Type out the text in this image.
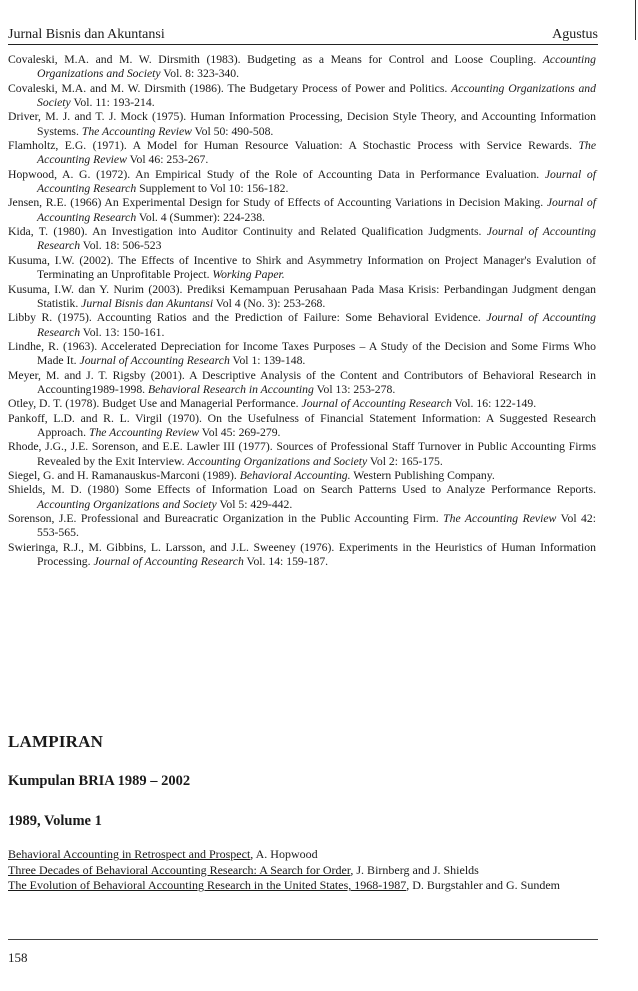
Jurnal Bisnis dan Akuntansi	Agustus

Covaleski, M.A. and M. W. Dirsmith (1983). Budgeting as a Means for Control and Loose Coupling. Accounting Organizations and Society Vol. 8: 323-340.

Covaleski, M.A. and M. W. Dirsmith (1986). The Budgetary Process of Power and Politics. Accounting Organizations and Society Vol. 11: 193-214.

Driver, M. J. and T. J. Mock (1975). Human Information Processing, Decision Style Theory, and Accounting Information Systems. The Accounting Review Vol 50: 490-508.

Flamholtz, E.G. (1971). A Model for Human Resource Valuation: A Stochastic Process with Service Rewards. The Accounting Review Vol 46: 253-267.

Hopwood, A. G. (1972). An Empirical Study of the Role of Accounting Data in Performance Evaluation. Journal of Accounting Research Supplement to Vol 10: 156-182.

Jensen, R.E. (1966) An Experimental Design for Study of Effects of Accounting Variations in Decision Making. Journal of Accounting Research Vol. 4 (Summer): 224-238.

Kida, T. (1980). An Investigation into Auditor Continuity and Related Qualification Judgments. Journal of Accounting Research Vol. 18: 506-523

Kusuma, I.W. (2002). The Effects of Incentive to Shirk and Asymmetry Information on Project Manager's Evalution of Terminating an Unprofitable Project. Working Paper.

Kusuma, I.W. dan Y. Nurim (2003). Prediksi Kemampuan Perusahaan Pada Masa Krisis: Perbandingan Judgment dengan Statistik. Jurnal Bisnis dan Akuntansi Vol 4 (No. 3): 253-268.

Libby R. (1975). Accounting Ratios and the Prediction of Failure: Some Behavioral Evidence. Journal of Accounting Research Vol. 13: 150-161.

Lindhe, R. (1963). Accelerated Depreciation for Income Taxes Purposes – A Study of the Decision and Some Firms Who Made It. Journal of Accounting Research Vol 1: 139-148.

Meyer, M. and J. T. Rigsby (2001). A Descriptive Analysis of the Content and Contributors of Behavioral Research in Accounting1989-1998. Behavioral Research in Accounting Vol 13: 253-278.

Otley, D. T. (1978). Budget Use and Managerial Performance. Journal of Accounting Research Vol. 16: 122-149.

Pankoff, L.D. and R. L. Virgil (1970). On the Usefulness of Financial Statement Information: A Suggested Research Approach. The Accounting Review Vol 45: 269-279.

Rhode, J.G., J.E. Sorenson, and E.E. Lawler III (1977). Sources of Professional Staff Turnover in Public Accounting Firms Revealed by the Exit Interview. Accounting Organizations and Society Vol 2: 165-175.

Siegel, G. and H. Ramanauskus-Marconi (1989). Behavioral Accounting. Western Publishing Company.

Shields, M. D. (1980) Some Effects of Information Load on Search Patterns Used to Analyze Performance Reports. Accounting Organizations and Society Vol 5: 429-442.

Sorenson, J.E. Professional and Bureacratic Organization in the Public Accounting Firm. The Accounting Review Vol 42: 553-565.

Swieringa, R.J., M. Gibbins, L. Larsson, and J.L. Sweeney (1976). Experiments in the Heuristics of Human Information Processing. Journal of Accounting Research Vol. 14: 159-187.

LAMPIRAN
Kumpulan BRIA 1989 – 2002
1989, Volume 1

Behavioral Accounting in Retrospect and Prospect, A. Hopwood

Three Decades of Behavioral Accounting Research: A Search for Order, J. Birnberg and J. Shields

The Evolution of Behavioral Accounting Research in the United States, 1968-1987, D. Burgstahler and G. Sundem

158
